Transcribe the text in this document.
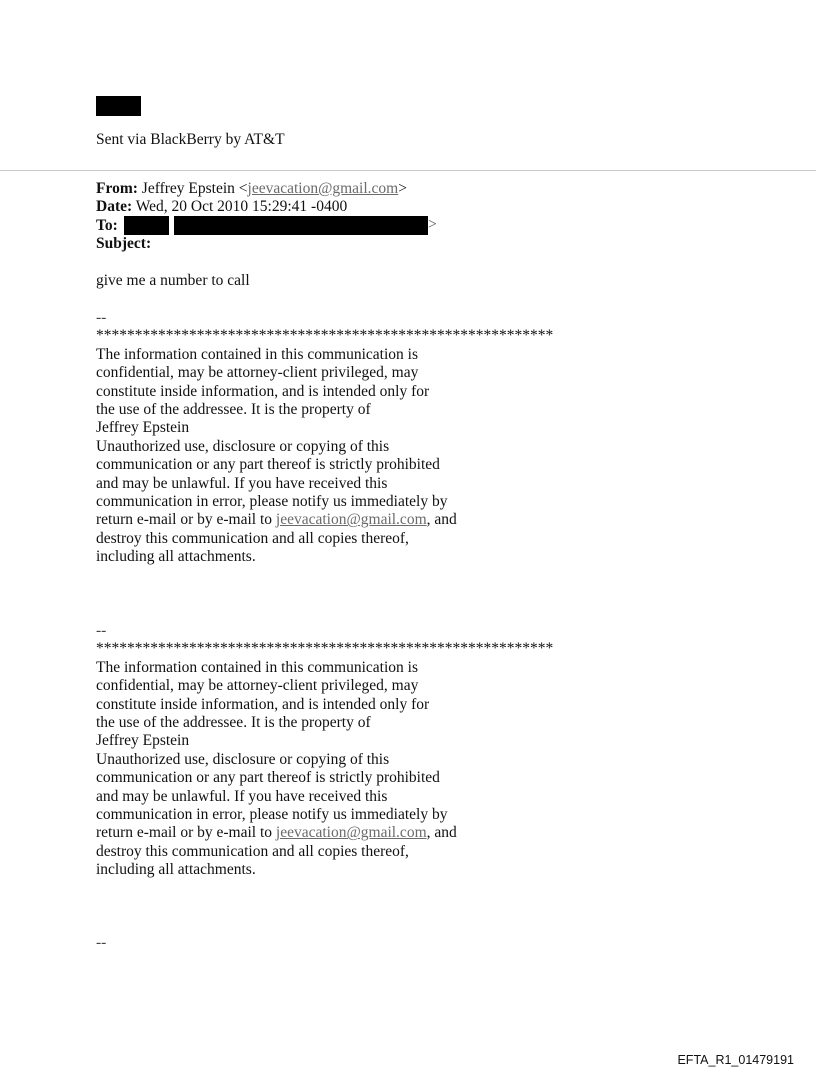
Sent via BlackBerry by AT&T
From: Jeffrey Epstein <jeevacation@gmail.com>
Date: Wed, 20 Oct 2010 15:29:41 -0400
To:
Subject:
>
give me a number to call
--
***********************************************************
The information contained in this communication is
confidential, may be attorney-client privileged, may
constitute inside information, and is intended only for
the use of the addressee. It is the property of
Jeffrey Epstein
Unauthorized use, disclosure or copying of this
communication or any part thereof is strictly prohibited
and may be unlawful. If you have received this
communication in error, please notify us immediately by
return e-mail or by e-mail to jeevacation@gmail.com, and
destroy this communication and all copies thereof,
including all attachments.
--
***********************************************************
The information contained in this communication is
confidential, may be attorney-client privileged, may
constitute inside information, and is intended only for
the use of the addressee. It is the property of
Jeffrey Epstein
Unauthorized use, disclosure or copying of this
communication or any part thereof is strictly prohibited
and may be unlawful. If you have received this
communication in error, please notify us immediately by
return e-mail or by e-mail to jeevacation@gmail.com, and
destroy this communication and all copies thereof,
including all attachments.
--
EFTA_R1_01479191
